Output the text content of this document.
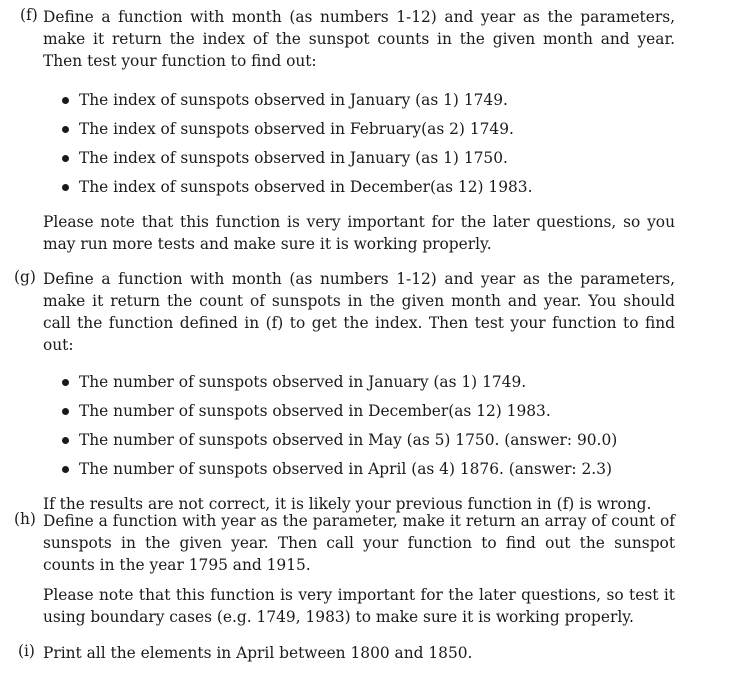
(f) Define a function with month (as numbers 1-12) and year as the parameters, make it return the index of the sunspot counts in the given month and year. Then test your function to find out:

The index of sunspots observed in January (as 1) 1749.
The index of sunspots observed in February(as 2) 1749.
The index of sunspots observed in January (as 1) 1750.
The index of sunspots observed in December(as 12) 1983.

Please note that this function is very important for the later questions, so you may run more tests and make sure it is working properly.

(g) Define a function with month (as numbers 1-12) and year as the parameters, make it return the count of sunspots in the given month and year. You should call the function defined in (f) to get the index. Then test your function to find out:

The number of sunspots observed in January (as 1) 1749.
The number of sunspots observed in December(as 12) 1983.
The number of sunspots observed in May (as 5) 1750. (answer: 90.0)
The number of sunspots observed in April (as 4) 1876. (answer: 2.3)

If the results are not correct, it is likely your previous function in (f) is wrong.

(h) Define a function with year as the parameter, make it return an array of count of sunspots in the given year. Then call your function to find out the sunspot counts in the year 1795 and 1915.

Please note that this function is very important for the later questions, so test it using boundary cases (e.g. 1749, 1983) to make sure it is working properly.

(i) Print all the elements in April between 1800 and 1850.
